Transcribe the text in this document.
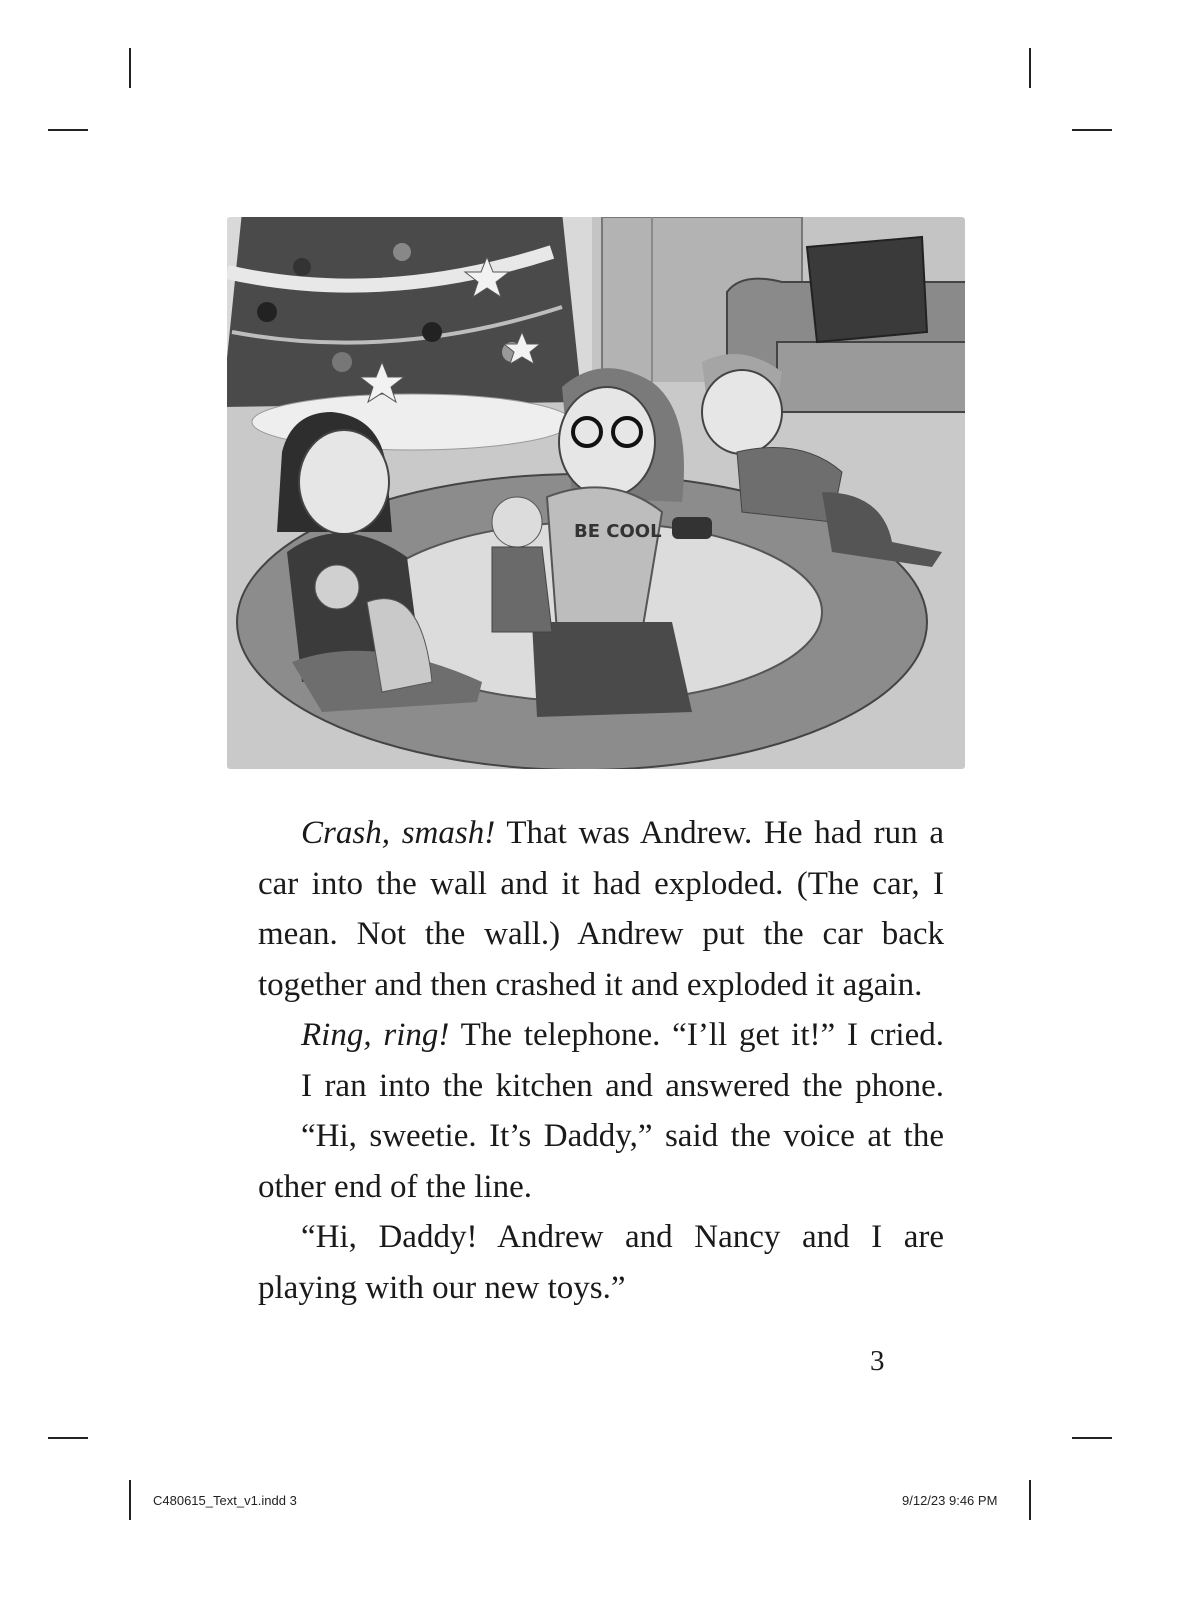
BE COOL

Crash, smash! That was Andrew. He had run a car into the wall and it had exploded. (The car, I mean. Not the wall.) Andrew put the car back together and then crashed it and exploded it again.

Ring, ring! The telephone. “I’ll get it!” I cried.

I ran into the kitchen and answered the phone.

“Hi, sweetie. It’s Daddy,” said the voice at the other end of the line.

“Hi, Daddy! Andrew and Nancy and I are playing with our new toys.”

3
C480615_Text_v1.indd 3	9/12/23 9:46 PM
